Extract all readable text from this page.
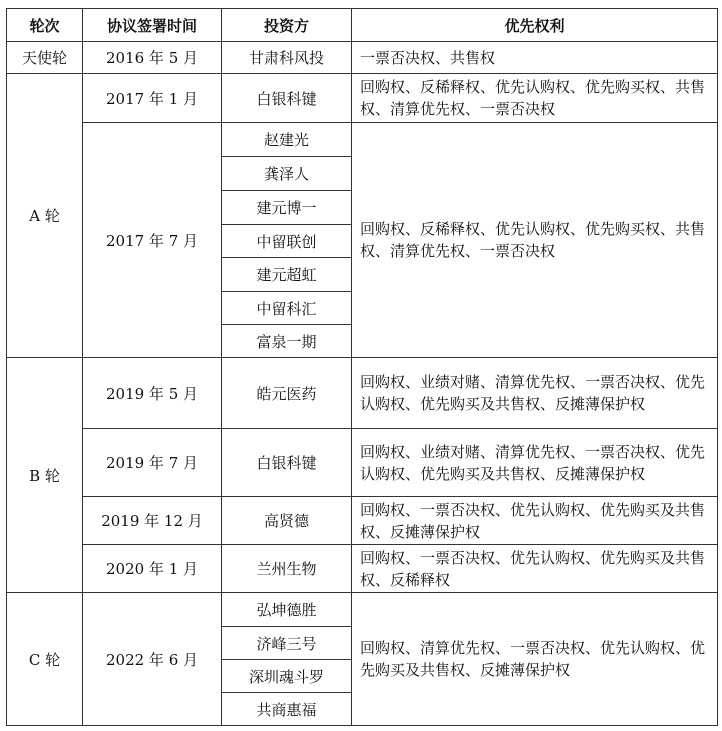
轮次	协议签署时间	投资方	优先权利
天使轮	2016 年 5 月	甘肃科风投	一票否决权、共售权
A 轮	2017 年 1 月	白银科键	回购权、反稀释权、优先认购权、优先购买权、共售权、清算优先权、一票否决权
	2017 年 7 月	赵建光	回购权、反稀释权、优先认购权、优先购买权、共售权、清算优先权、一票否决权
		龚泽人	
		建元博一	
		中留联创	
		建元超虹	
		中留科汇	
		富泉一期	
B 轮	2019 年 5 月	皓元医药	回购权、业绩对赌、清算优先权、一票否决权、优先认购权、优先购买及共售权、反摊薄保护权
	2019 年 7 月	白银科键	回购权、业绩对赌、清算优先权、一票否决权、优先认购权、优先购买及共售权、反摊薄保护权
	2019 年 12 月	高贤德	回购权、一票否决权、优先认购权、优先购买及共售权、反摊薄保护权
	2020 年 1 月	兰州生物	回购权、一票否决权、优先认购权、优先购买及共售权、反稀释权
C 轮	2022 年 6 月	弘坤德胜	回购权、清算优先权、一票否决权、优先认购权、优先购买及共售权、反摊薄保护权
		济峰三号	
		深圳魂斗罗	
		共商惠福	
